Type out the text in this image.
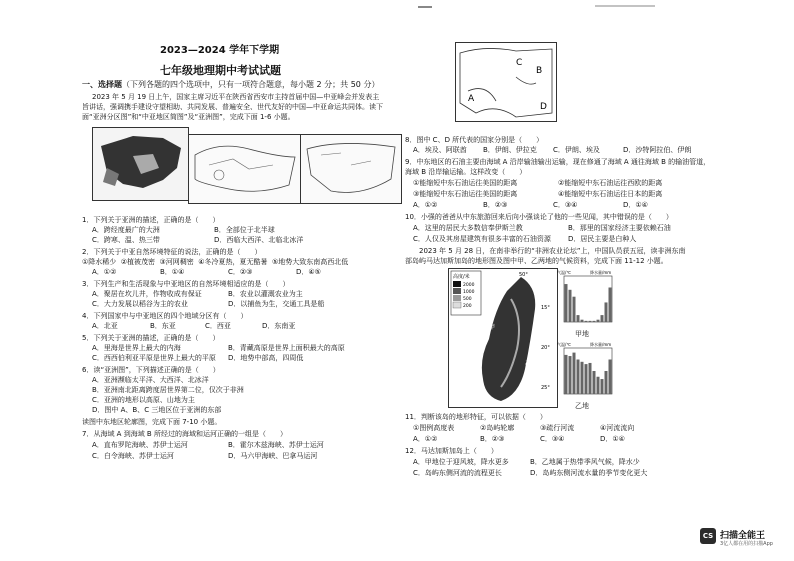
2023—2024 学年下学期
七年级地理期中考试试题
一、选择题（下列各题的四个选项中，只有一项符合题意，每小题 2 分；共 50 分）
2023 年 5 月 19 日上午，国家主席习近平在陕西省西安市主持首届中国—中亚峰会并发表主
旨讲话，强调携手建设守望相助、共同发展、普遍安全、世代友好的中国—中亚命运共同体。读下
面“亚洲分区图”和“中亚地区简图”及“亚洲图”，完成下面 1-6 小题。
1．下列关于亚洲的描述，正确的是（　　）
A．跨经度最广的大洲	B．全部位于北半球
C．跨寒、温、热三带	D．西临大西洋、北临北冰洋
2．下列关于中亚自然环境特征的说法，正确的是（　　）
①降水稀少 ②植被茂密 ③河网稠密 ④冬冷夏热，夏无酷暑 ⑤地势大致东南高西北低
A．①②	B．①④	C．②③	D．④⑤
3．下列生产和生活现象与中亚地区的自然环境相适应的是（　　）
A．聚居在坎儿井，作物收成有保证	B．农业以灌溉农业为主
C．大力发展以稻谷为主的农业	D．以捕鱼为生，交通工具是船
4．下列国家中与中亚地区的四个地域分区有（　　）
A．北亚	B．东亚	C．西亚	D．东南亚
5．下列关于亚洲的描述，正确的是（　　）
A．里海是世界上最大的内海	B．青藏高原是世界上面积最大的高原
C．西西伯利亚平原是世界上最大的平原 D．地势中部高，四周低
6．读“亚洲图”，下列描述正确的是（　　）
A．亚洲濒临太平洋、大西洋、北冰洋
B．亚洲南北距离跨度居世界第二位，仅次于非洲
C．亚洲的地形以高原、山地为主
D．图中 A、B、C 三地区位于亚洲的东部
读图中东地区轮廓图，完成下面 7-10 小题。
7．从海域 A 到海域 B 所经过的海域和运河正确的一组是（　　）
A．直布罗陀海峡、苏伊士运河	B．霍尔木兹海峡、苏伊士运河
C．白令海峡、苏伊士运河	D．马六甲海峡、巴拿马运河
A
B
C
D
8．图中 C、D 所代表的国家分别是（　　）
A．埃及、阿联酋 B．伊朗、伊拉克 C．伊朗、埃及	D．沙特阿拉伯、伊朗
9．中东地区的石油主要由海域 A 沿岸输油输出运输，现在修通了海域 A 通往海域 B 的输油管道，
海域 B 沿岸输运输。这样改变（　　）
①能缩短中东石油运往美国的距离	②能缩短中东石油运往西欧的距离
③能缩短中东石油运往美国的距离	④能缩短中东石油运往日本的距离
A．①②	B．②③	C．③④	D．①④
10．小强的爸爸从中东旅游回来后向小强谈论了他的一些见闻，其中错误的是（　　）
A．这里的居民大多数信奉伊斯兰教	B．那里的国家经济主要依赖石油
C．人仅及其房屋建筑有很多丰富的石油资源 D．居民主要是白种人
　　2023 年 5 月 28 日，在南非举行的“非洲农业论坛”上，中国队员获五冠，读非洲东南
部岛屿马达加斯加岛的地形图及图中甲、乙两地的气候资料，完成下面 11-12 小题。
高度/米
2000
1000
500
200
甲
乙
15°
20°
25°
50°	气温/℃	降水量/mm
甲地
气温/℃	降水量/mm
乙地
11．判断该岛的地形特征，可以依据（　　）
①图例高度表	②岛屿轮廓	③疏行河流	④河流流向
A．①②	B．②③	C．③④	D．①④
12．马达加斯加岛上（　　）
A．甲地位于迎风坡，降水更多	B．乙地属于热带季风气候，降水少
C．岛屿东侧河流的流程更长	D．岛屿东侧河流水量的季节变化更大
CS 扫描全能王
3亿人都在用的扫描App
